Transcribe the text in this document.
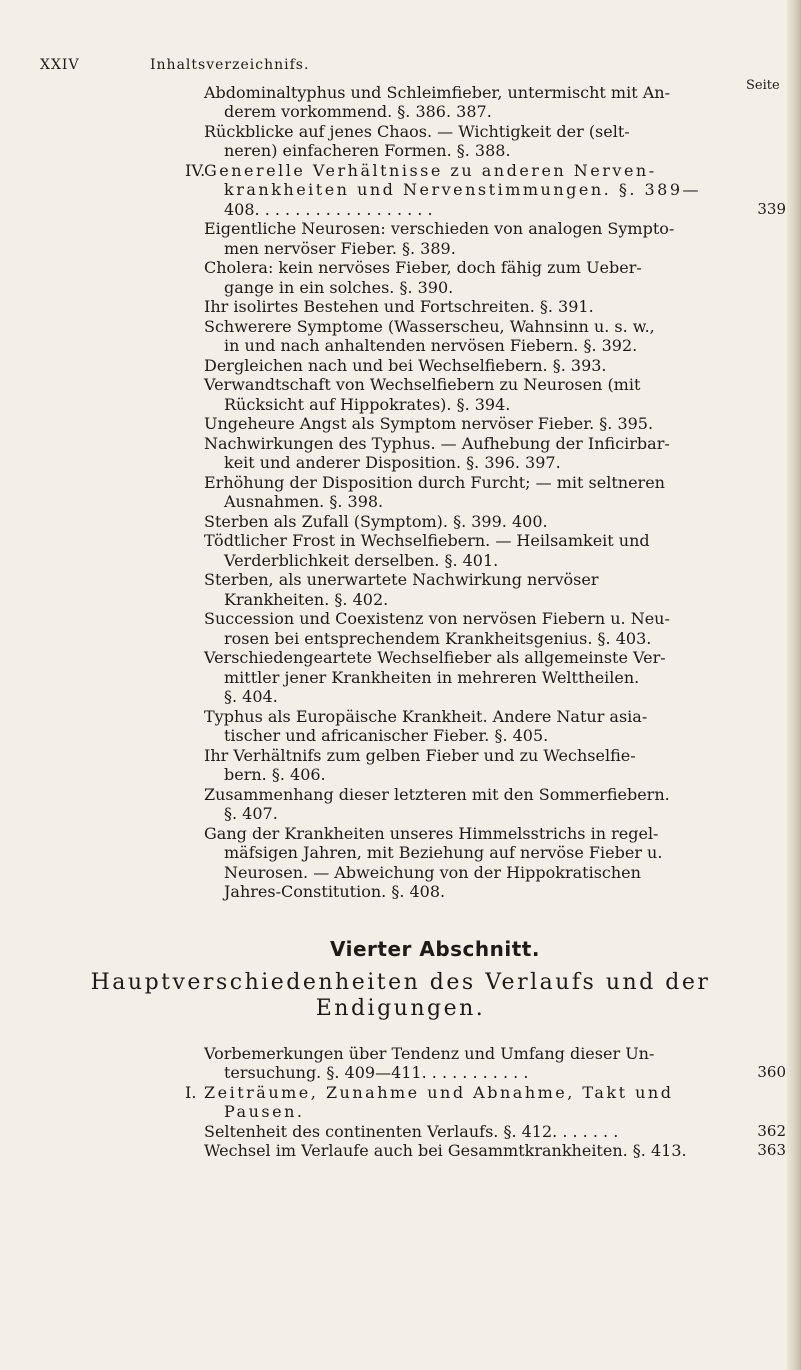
XXIV	Inhaltsverzeichnifs.
Seite
Abdominaltyphus und Schleimfieber, untermischt mit An-
derem vorkommend. §. 386. 387.
Rückblicke auf jenes Chaos. — Wichtigkeit der (selt-
neren) einfacheren Formen. §. 388.
IV.
Generelle Verhältnisse zu anderen Nerven-
krankheiten und Nervenstimmungen. §. 389—
408. . . . . . . . . . . . . . . . . .	339
Eigentliche Neurosen: verschieden von analogen Sympto-
men nervöser Fieber. §. 389.
Cholera: kein nervöses Fieber, doch fähig zum Ueber-
gange in ein solches. §. 390.
Ihr isolirtes Bestehen und Fortschreiten. §. 391.
Schwerere Symptome (Wasserscheu, Wahnsinn u. s. w.,
in und nach anhaltenden nervösen Fiebern. §. 392.
Dergleichen nach und bei Wechselfiebern. §. 393.
Verwandtschaft von Wechselfiebern zu Neurosen (mit
Rücksicht auf Hippokrates). §. 394.
Ungeheure Angst als Symptom nervöser Fieber. §. 395.
Nachwirkungen des Typhus. — Aufhebung der Inficirbar-
keit und anderer Disposition. §. 396. 397.
Erhöhung der Disposition durch Furcht; — mit seltneren
Ausnahmen. §. 398.
Sterben als Zufall (Symptom). §. 399. 400.
Tödtlicher Frost in Wechselfiebern. — Heilsamkeit und
Verderblichkeit derselben. §. 401.
Sterben, als unerwartete Nachwirkung nervöser
Krankheiten. §. 402.
Succession und Coexistenz von nervösen Fiebern u. Neu-
rosen bei entsprechendem Krankheitsgenius. §. 403.
Verschiedengeartete Wechselfieber als allgemeinste Ver-
mittler jener Krankheiten in mehreren Welttheilen.
§. 404.
Typhus als Europäische Krankheit. Andere Natur asia-
tischer und africanischer Fieber. §. 405.
Ihr Verhältnifs zum gelben Fieber und zu Wechselfie-
bern. §. 406.
Zusammenhang dieser letzteren mit den Sommerfiebern.
§. 407.
Gang der Krankheiten unseres Himmelsstrichs in regel-
mäfsigen Jahren, mit Beziehung auf nervöse Fieber u.
Neurosen. — Abweichung von der Hippokratischen
Jahres-Constitution. §. 408.
Vierter Abschnitt.
Hauptverschiedenheiten des Verlaufs und der
Endigungen.
Vorbemerkungen über Tendenz und Umfang dieser Un-
tersuchung. §. 409—411. . . . . . . . . . .	360
I. Zeiträume, Zunahme und Abnahme, Takt und
Pausen.
Seltenheit des continenten Verlaufs. §. 412. . . . . . .	362
Wechsel im Verlaufe auch bei Gesammtkrankheiten. §. 413.	363
